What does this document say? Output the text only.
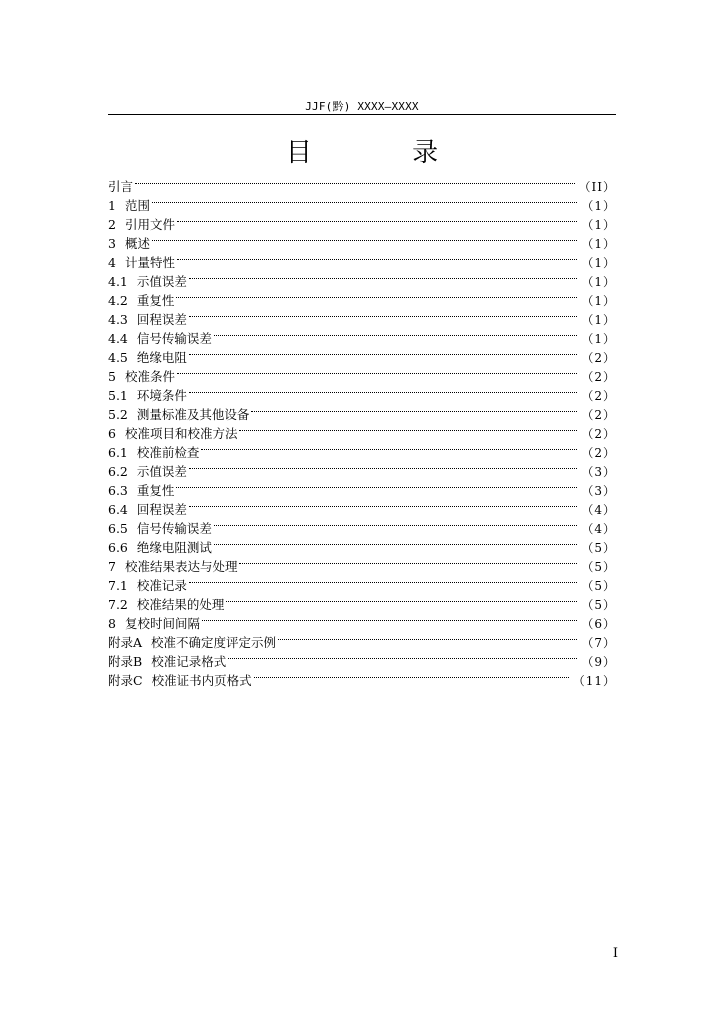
JJF(黔) XXXX—XXXX
目 录
引言	（II）
1 范围	（1）
2 引用文件	（1）
3 概述	（1）
4 计量特性	（1）
4.1 示值误差	（1）
4.2 重复性	（1）
4.3 回程误差	（1）
4.4 信号传输误差	（1）
4.5 绝缘电阻	（2）
5 校准条件	（2）
5.1 环境条件	（2）
5.2 测量标准及其他设备	（2）
6 校准项目和校准方法	（2）
6.1 校准前检查	（2）
6.2 示值误差	（3）
6.3 重复性	（3）
6.4 回程误差	（4）
6.5 信号传输误差	（4）
6.6 绝缘电阻测试	（5）
7 校准结果表达与处理	（5）
7.1 校准记录	（5）
7.2 校准结果的处理	（5）
8 复校时间间隔	（6）
附录A 校准不确定度评定示例	（7）
附录B 校准记录格式	（9）
附录C 校准证书内页格式	（11）
I
